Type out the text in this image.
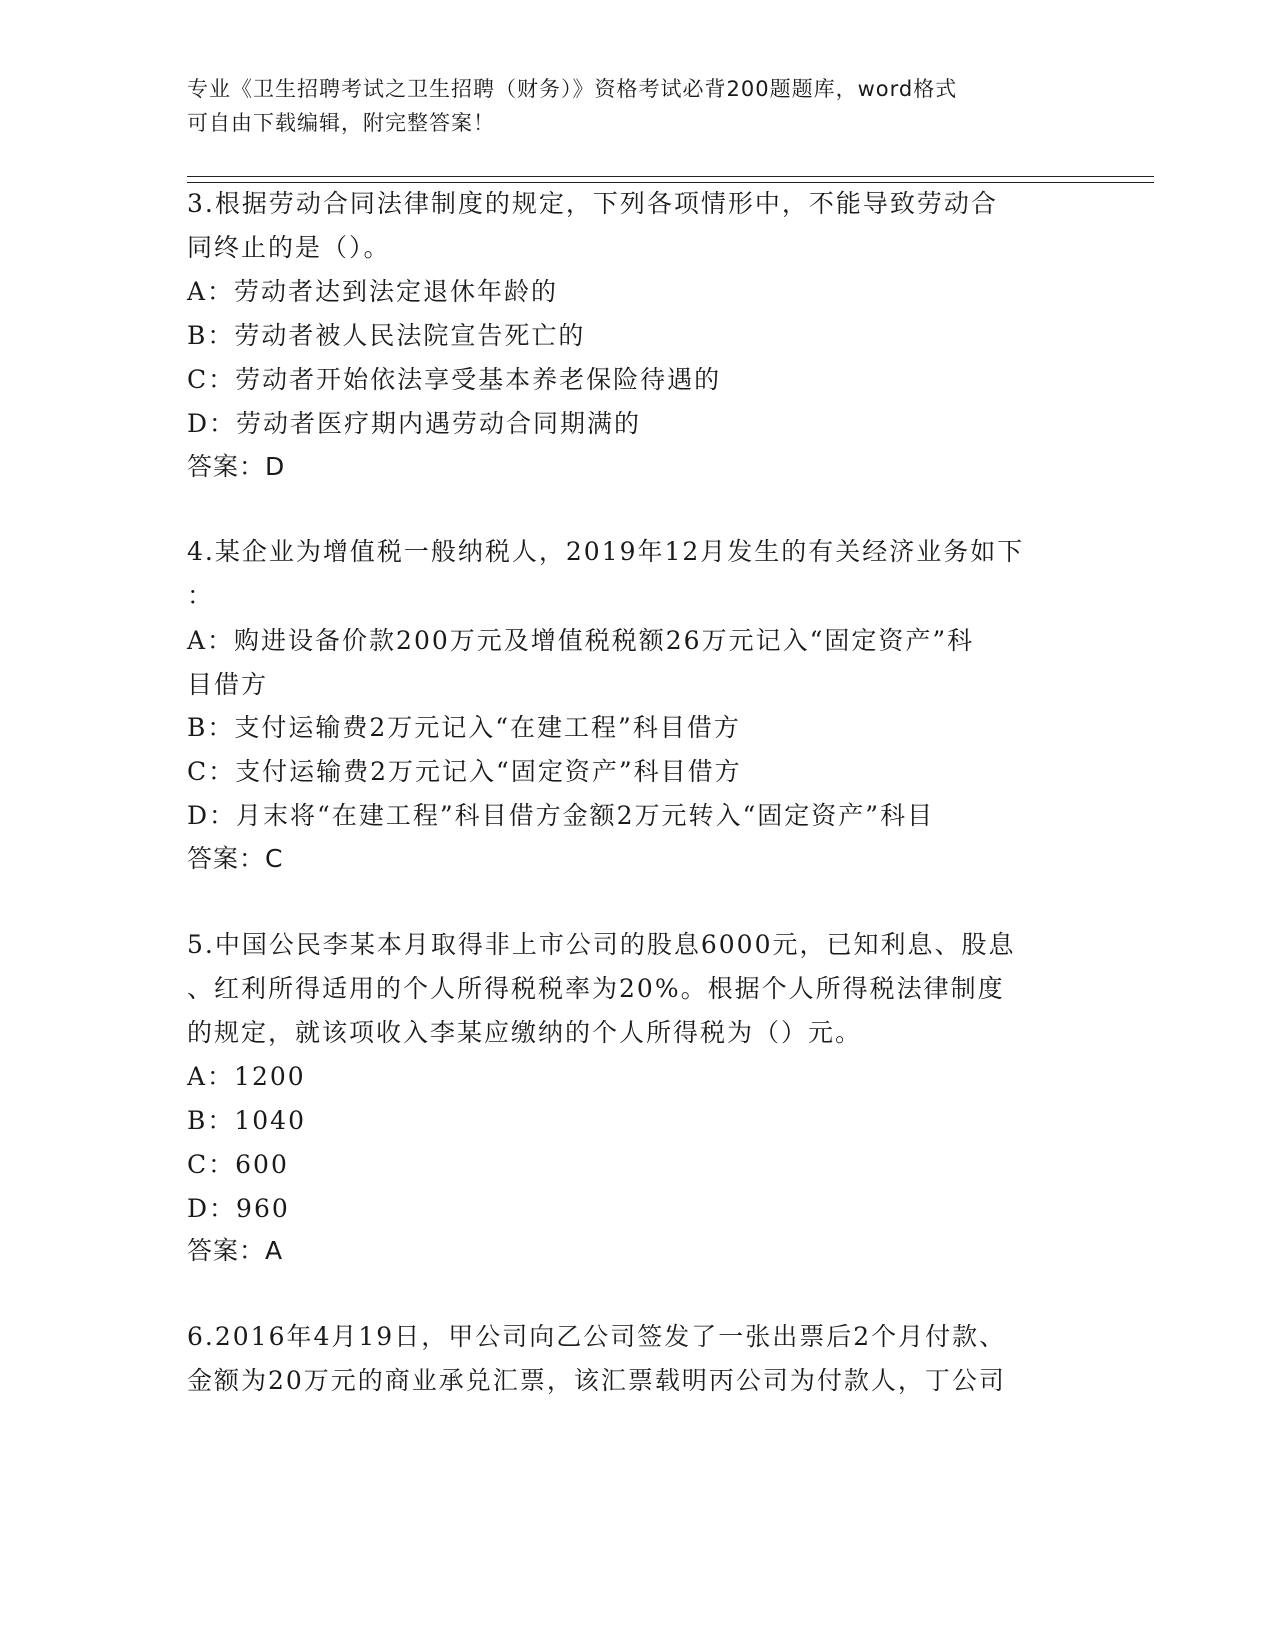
专业《卫生招聘考试之卫生招聘（财务）》资格考试必背200题题库，word格式
可自由下载编辑，附完整答案！
3.根据劳动合同法律制度的规定，下列各项情形中，不能导致劳动合
同终止的是（）。
A：劳动者达到法定退休年龄的
B：劳动者被人民法院宣告死亡的
C：劳动者开始依法享受基本养老保险待遇的
D：劳动者医疗期内遇劳动合同期满的
答案：D
4.某企业为增值税一般纳税人，2019年12月发生的有关经济业务如下
：
A：购进设备价款200万元及增值税税额26万元记入“固定资产”科
目借方
B：支付运输费2万元记入“在建工程”科目借方
C：支付运输费2万元记入“固定资产”科目借方
D：月末将“在建工程”科目借方金额2万元转入“固定资产”科目
答案：C
5.中国公民李某本月取得非上市公司的股息6000元，已知利息、股息
、红利所得适用的个人所得税税率为20%。根据个人所得税法律制度
的规定，就该项收入李某应缴纳的个人所得税为（）元。
A：1200
B：1040
C：600
D：960
答案：A
6.2016年4月19日，甲公司向乙公司签发了一张出票后2个月付款、
金额为20万元的商业承兑汇票，该汇票载明丙公司为付款人，丁公司
